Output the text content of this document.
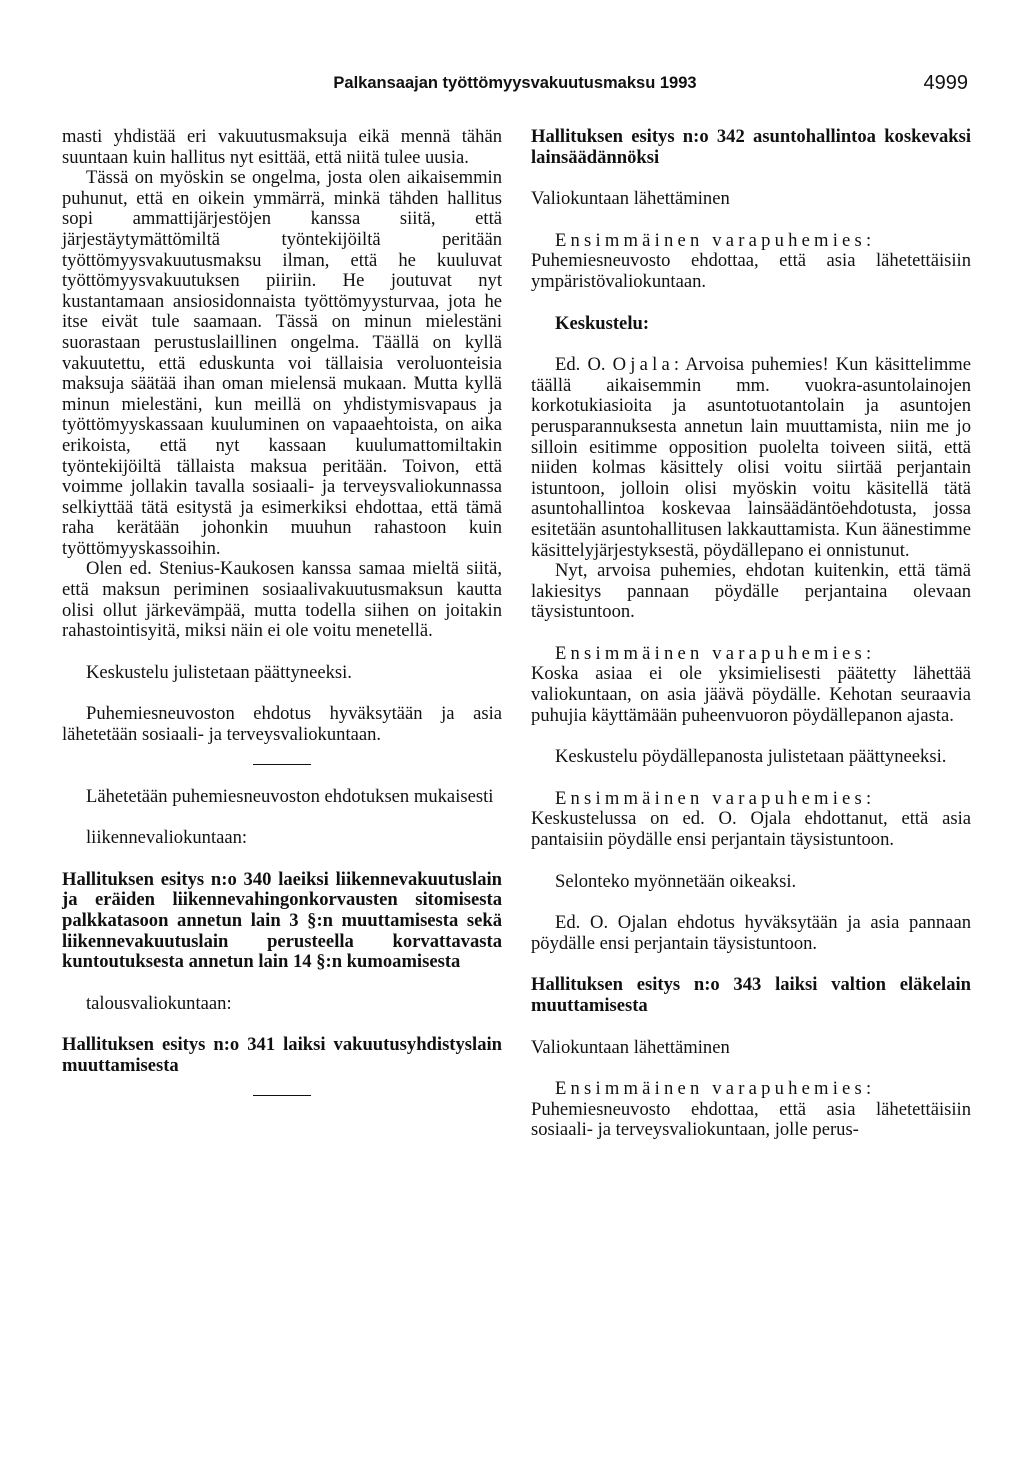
Palkansaajan työttömyysvakuutusmaksu 1993	4999

masti yhdistää eri vakuutusmaksuja eikä mennä tähän suuntaan kuin hallitus nyt esittää, että niitä tulee uusia.

Tässä on myöskin se ongelma, josta olen aikaisemmin puhunut, että en oikein ymmärrä, minkä tähden hallitus sopi ammattijärjestöjen kanssa siitä, että järjestäytymättömiltä työntekijöiltä peritään työttömyysvakuutusmaksu ilman, että he kuuluvat työttömyysvakuutuksen piiriin. He joutuvat nyt kustantamaan ansiosidonnaista työttömyysturvaa, jota he itse eivät tule saamaan. Tässä on minun mielestäni suorastaan perustuslaillinen ongelma. Täällä on kyllä vakuutettu, että eduskunta voi tällaisia veroluonteisia maksuja säätää ihan oman mielensä mukaan. Mutta kyllä minun mielestäni, kun meillä on yhdistymisvapaus ja työttömyyskassaan kuuluminen on vapaaehtoista, on aika erikoista, että nyt kassaan kuulumattomiltakin työntekijöiltä tällaista maksua peritään. Toivon, että voimme jollakin tavalla sosiaali- ja terveysvaliokunnassa selkiyttää tätä esitystä ja esimerkiksi ehdottaa, että tämä raha kerätään johonkin muuhun rahastoon kuin työttömyyskassoihin.

Olen ed. Stenius-Kaukosen kanssa samaa mieltä siitä, että maksun periminen sosiaalivakuutusmaksun kautta olisi ollut järkevämpää, mutta todella siihen on joitakin rahastointisyitä, miksi näin ei ole voitu menetellä.

Keskustelu julistetaan päättyneeksi.

Puhemiesneuvoston ehdotus hyväksytään ja asia lähetetään sosiaali- ja terveysvaliokuntaan.

Lähetetään puhemiesneuvoston ehdotuksen mukaisesti

liikennevaliokuntaan:

Hallituksen esitys n:o 340 laeiksi liikennevakuutuslain ja eräiden liikennevahingonkorvausten sitomisesta palkkatasoon annetun lain 3 §:n muuttamisesta sekä liikennevakuutuslain perusteella korvattavasta kuntoutuksesta annetun lain 14 §:n kumoamisesta

talousvaliokuntaan:

Hallituksen esitys n:o 341 laiksi vakuutusyhdistyslain muuttamisesta

Hallituksen esitys n:o 342 asuntohallintoa koskevaksi lainsäädännöksi

Valiokuntaan lähettäminen

Ensimmäinen varapuhemies:

Puhemiesneuvosto ehdottaa, että asia lähetettäisiin ympäristövaliokuntaan.

Keskustelu:

Ed. O. Ojala: Arvoisa puhemies! Kun käsittelimme täällä aikaisemmin mm. vuokra-asuntolainojen korkotukiasioita ja asuntotuotantolain ja asuntojen perusparannuksesta annetun lain muuttamista, niin me jo silloin esitimme opposition puolelta toiveen siitä, että niiden kolmas käsittely olisi voitu siirtää perjantain istuntoon, jolloin olisi myöskin voitu käsitellä tätä asuntohallintoa koskevaa lainsäädäntöehdotusta, jossa esitetään asuntohallitusen lakkauttamista. Kun äänestimme käsittelyjärjestyksestä, pöydällepano ei onnistunut.

Nyt, arvoisa puhemies, ehdotan kuitenkin, että tämä lakiesitys pannaan pöydälle perjantaina olevaan täysistuntoon.

Ensimmäinen varapuhemies:

Koska asiaa ei ole yksimielisesti päätetty lähettää valiokuntaan, on asia jäävä pöydälle. Kehotan seuraavia puhujia käyttämään puheenvuoron pöydällepanon ajasta.

Keskustelu pöydällepanosta julistetaan päättyneeksi.

Ensimmäinen varapuhemies:

Keskustelussa on ed. O. Ojala ehdottanut, että asia pantaisiin pöydälle ensi perjantain täysistuntoon.

Selonteko myönnetään oikeaksi.

Ed. O. Ojalan ehdotus hyväksytään ja asia pannaan pöydälle ensi perjantain täysistuntoon.

Hallituksen esitys n:o 343 laiksi valtion eläkelain muuttamisesta

Valiokuntaan lähettäminen

Ensimmäinen varapuhemies:

Puhemiesneuvosto ehdottaa, että asia lähetettäisiin sosiaali- ja terveysvaliokuntaan, jolle perus-
